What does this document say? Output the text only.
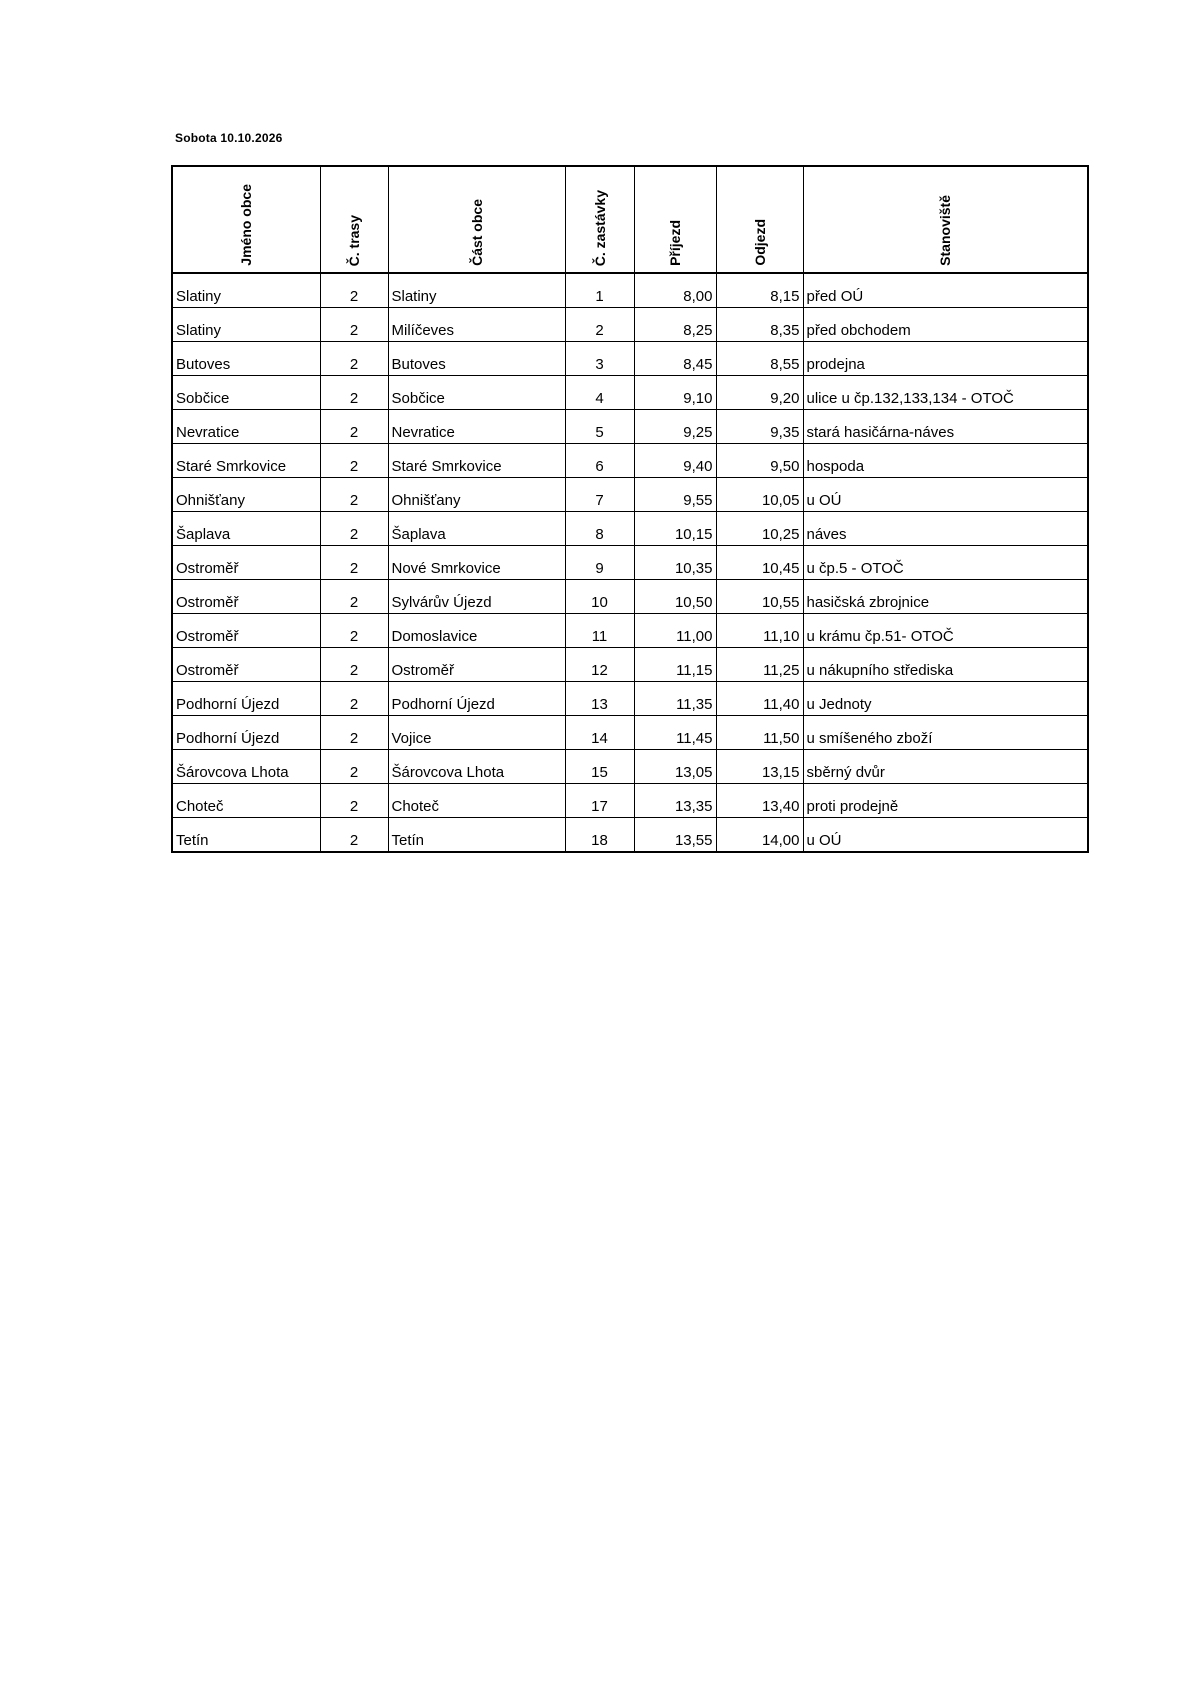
Sobota 10.10.2026
Jméno obce	Č. trasy	Část obce	Č. zastávky	Příjezd	Odjezd	Stanoviště
Slatiny	2	Slatiny	1	8,00	8,15	před OÚ
Slatiny	2	Milíčeves	2	8,25	8,35	před obchodem
Butoves	2	Butoves	3	8,45	8,55	prodejna
Sobčice	2	Sobčice	4	9,10	9,20	ulice u čp.132,133,134 - OTOČ
Nevratice	2	Nevratice	5	9,25	9,35	stará hasičárna-náves
Staré Smrkovice	2	Staré Smrkovice	6	9,40	9,50	hospoda
Ohnišťany	2	Ohnišťany	7	9,55	10,05	u OÚ
Šaplava	2	Šaplava	8	10,15	10,25	náves
Ostroměř	2	Nové Smrkovice	9	10,35	10,45	u čp.5 - OTOČ
Ostroměř	2	Sylvárův Újezd	10	10,50	10,55	hasičská zbrojnice
Ostroměř	2	Domoslavice	11	11,00	11,10	u krámu čp.51- OTOČ
Ostroměř	2	Ostroměř	12	11,15	11,25	u nákupního střediska
Podhorní Újezd	2	Podhorní Újezd	13	11,35	11,40	u Jednoty
Podhorní Újezd	2	Vojice	14	11,45	11,50	u smíšeného zboží
Šárovcova Lhota	2	Šárovcova Lhota	15	13,05	13,15	sběrný dvůr
Choteč	2	Choteč	17	13,35	13,40	proti prodejně
Tetín	2	Tetín	18	13,55	14,00	u OÚ
